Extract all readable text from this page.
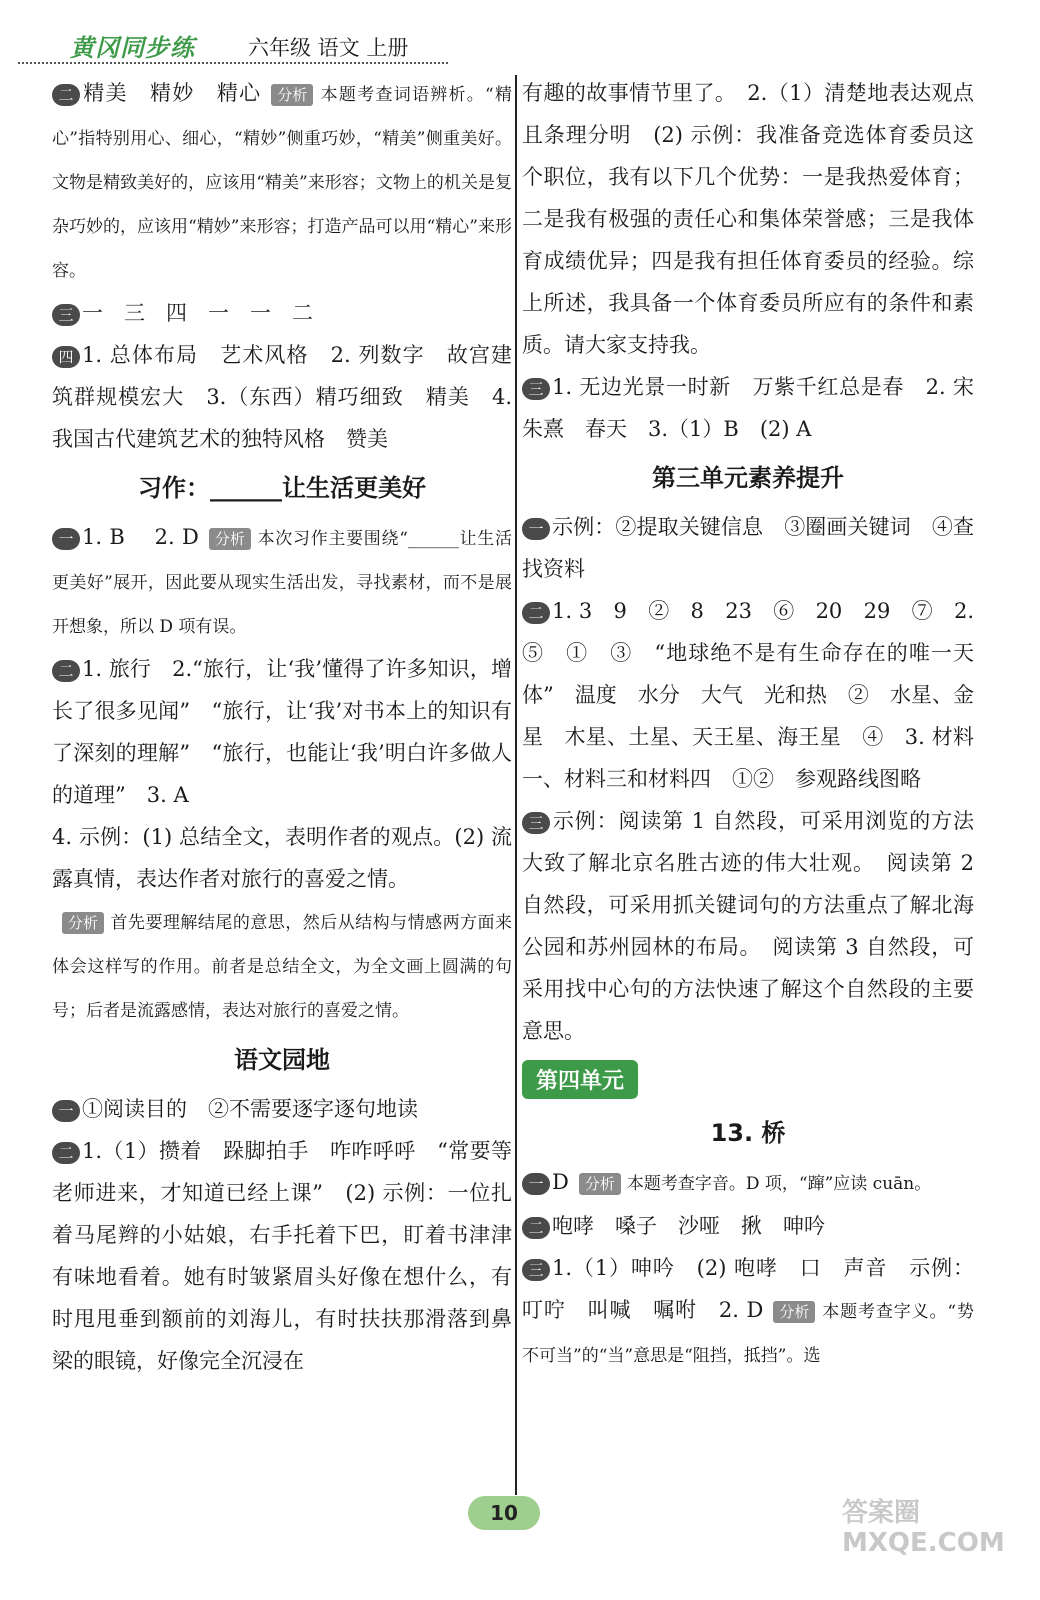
黄冈同步练	六年级 语文 上册

二 精美　精妙　精心 分析 本题考查词语辨析。“精心”指特别用心、细心，“精妙”侧重巧妙，“精美”侧重美好。文物是精致美好的，应该用“精美”来形容；文物上的机关是复杂巧妙的，应该用“精妙”来形容；打造产品可以用“精心”来形容。

三 一　三　四　一　一　二

四 1. 总体布局　艺术风格　2. 列数字　故宫建筑群规模宏大　3.（东西）精巧细致　精美　4. 我国古代建筑艺术的独特风格　赞美

习作：______让生活更美好

一 1. B　 2. D 分析 本次习作主要围绕“______让生活更美好”展开，因此要从现实生活出发，寻找素材，而不是展开想象，所以 D 项有误。

二 1. 旅行　2.“旅行，让‘我’懂得了许多知识，增长了很多见闻”　“旅行，让‘我’对书本上的知识有了深刻的理解”　“旅行，也能让‘我’明白许多做人的道理”　3. A

4. 示例：(1) 总结全文，表明作者的观点。(2) 流露真情，表达作者对旅行的喜爱之情。

分析 首先要理解结尾的意思，然后从结构与情感两方面来体会这样写的作用。前者是总结全文，为全文画上圆满的句号；后者是流露感情，表达对旅行的喜爱之情。

语文园地

一 ①阅读目的　②不需要逐字逐句地读

二 1.（1）攒着　跺脚拍手　咋咋呼呼　“常要等老师进来，才知道已经上课”　(2) 示例：一位扎着马尾辫的小姑娘，右手托着下巴，盯着书津津有味地看着。她有时皱紧眉头好像在想什么，有时甩甩垂到额前的刘海儿，有时扶扶那滑落到鼻梁的眼镜，好像完全沉浸在

有趣的故事情节里了。　2.（1）清楚地表达观点且条理分明　(2) 示例：我准备竞选体育委员这个职位，我有以下几个优势：一是我热爱体育；二是我有极强的责任心和集体荣誉感；三是我体育成绩优异；四是我有担任体育委员的经验。综上所述，我具备一个体育委员所应有的条件和素质。请大家支持我。

三 1. 无边光景一时新　万紫千红总是春　2. 宋　朱熹　春天　3.（1）B　(2) A

第三单元素养提升

一 示例：②提取关键信息　③圈画关键词　④查找资料

二 1. 3　9　②　8　23　⑥　20　29　⑦　2. ⑤　①　③　“地球绝不是有生命存在的唯一天体”　温度　水分　大气　光和热　②　水星、金星　木星、土星、天王星、海王星　④　3. 材料一、材料三和材料四　①②　参观路线图略

三 示例：阅读第 1 自然段，可采用浏览的方法大致了解北京名胜古迹的伟大壮观。　阅读第 2 自然段，可采用抓关键词句的方法重点了解北海公园和苏州园林的布局。　阅读第 3 自然段，可采用找中心句的方法快速了解这个自然段的主要意思。

第四单元
13. 桥

一 D 分析 本题考查字音。D 项，“蹿”应读 cuān。

二 咆哮　嗓子　沙哑　揪　呻吟

三 1.（1）呻吟　(2) 咆哮　口　声音　示例：叮咛　叫喊　嘱咐　2. D 分析 本题考查字义。“势不可当”的“当”意思是“阻挡，抵挡”。选

10	答案圈 MXQE.COM
